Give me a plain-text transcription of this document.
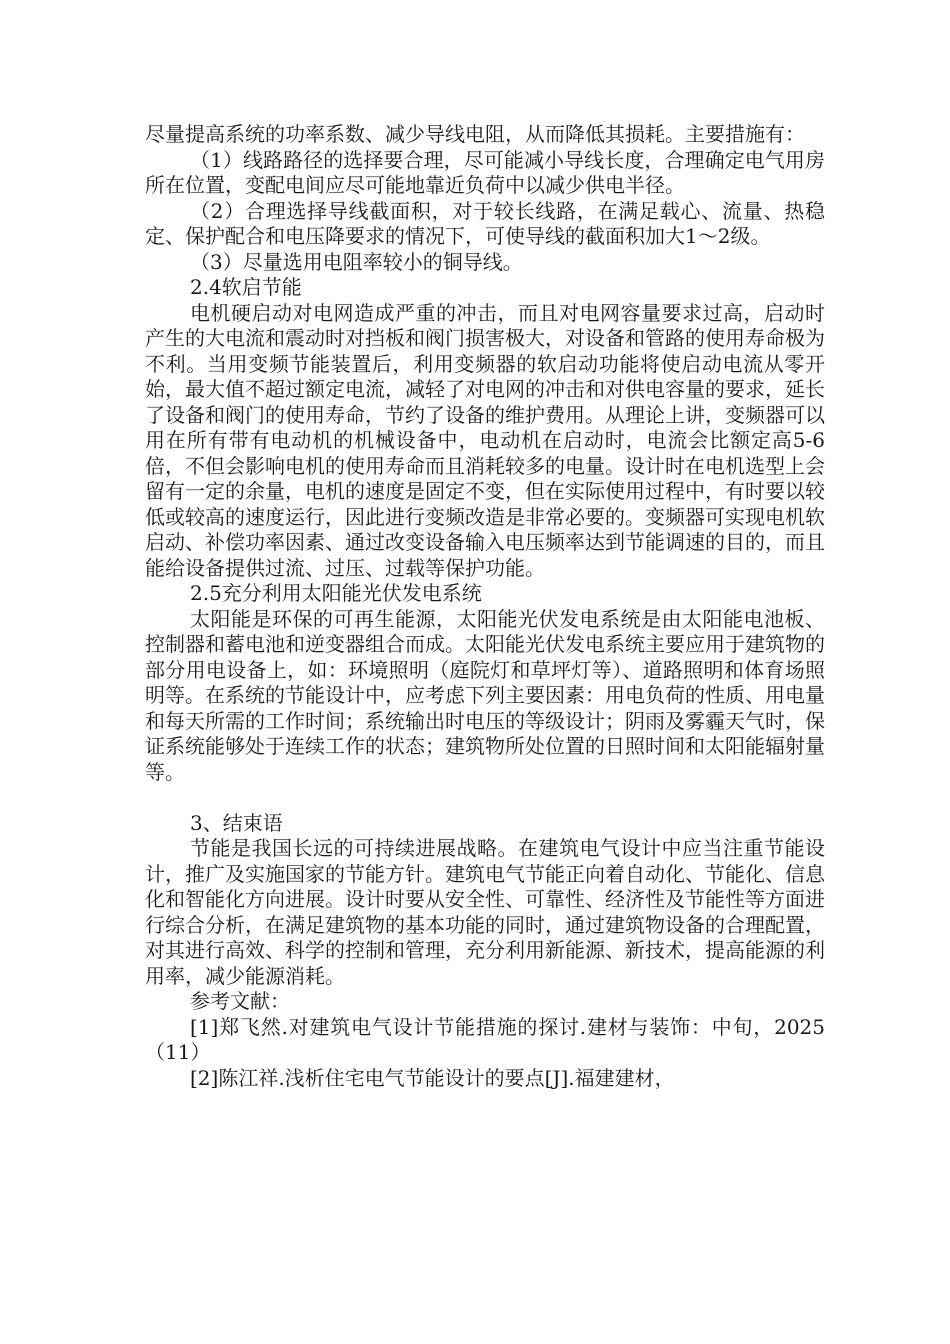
尽量提高系统的功率系数、减少导线电阻，从而降低其损耗。主要措施有：

（1）线路路径的选择要合理，尽可能减小导线长度，合理确定电气用房所在位置，变配电间应尽可能地靠近负荷中以减少供电半径。

（2）合理选择导线截面积，对于较长线路，在满足载心、流量、热稳定、保护配合和电压降要求的情况下，可使导线的截面积加大1～2级。

（3）尽量选用电阻率较小的铜导线。

2.4软启节能

电机硬启动对电网造成严重的冲击，而且对电网容量要求过高，启动时产生的大电流和震动时对挡板和阀门损害极大，对设备和管路的使用寿命极为不利。当用变频节能装置后，利用变频器的软启动功能将使启动电流从零开始，最大值不超过额定电流，减轻了对电网的冲击和对供电容量的要求，延长了设备和阀门的使用寿命，节约了设备的维护费用。从理论上讲，变频器可以用在所有带有电动机的机械设备中，电动机在启动时，电流会比额定高5-6倍，不但会影响电机的使用寿命而且消耗较多的电量。设计时在电机选型上会留有一定的余量，电机的速度是固定不变，但在实际使用过程中，有时要以较低或较高的速度运行，因此进行变频改造是非常必要的。变频器可实现电机软启动、补偿功率因素、通过改变设备输入电压频率达到节能调速的目的，而且能给设备提供过流、过压、过载等保护功能。

2.5充分利用太阳能光伏发电系统

太阳能是环保的可再生能源，太阳能光伏发电系统是由太阳能电池板、控制器和蓄电池和逆变器组合而成。太阳能光伏发电系统主要应用于建筑物的部分用电设备上，如：环境照明（庭院灯和草坪灯等）、道路照明和体育场照明等。在系统的节能设计中，应考虑下列主要因素：用电负荷的性质、用电量和每天所需的工作时间；系统输出时电压的等级设计；阴雨及雾霾天气时，保证系统能够处于连续工作的状态；建筑物所处位置的日照时间和太阳能辐射量等。

3、结束语

节能是我国长远的可持续进展战略。在建筑电气设计中应当注重节能设计，推广及实施国家的节能方针。建筑电气节能正向着自动化、节能化、信息化和智能化方向进展。设计时要从安全性、可靠性、经济性及节能性等方面进行综合分析，在满足建筑物的基本功能的同时，通过建筑物设备的合理配置，对其进行高效、科学的控制和管理，充分利用新能源、新技术，提高能源的利用率，减少能源消耗。

参考文献：

[1]郑飞然.对建筑电气设计节能措施的探讨.建材与装饰：中旬，2025（11）

[2]陈江祥.浅析住宅电气节能设计的要点[J].福建建材，
